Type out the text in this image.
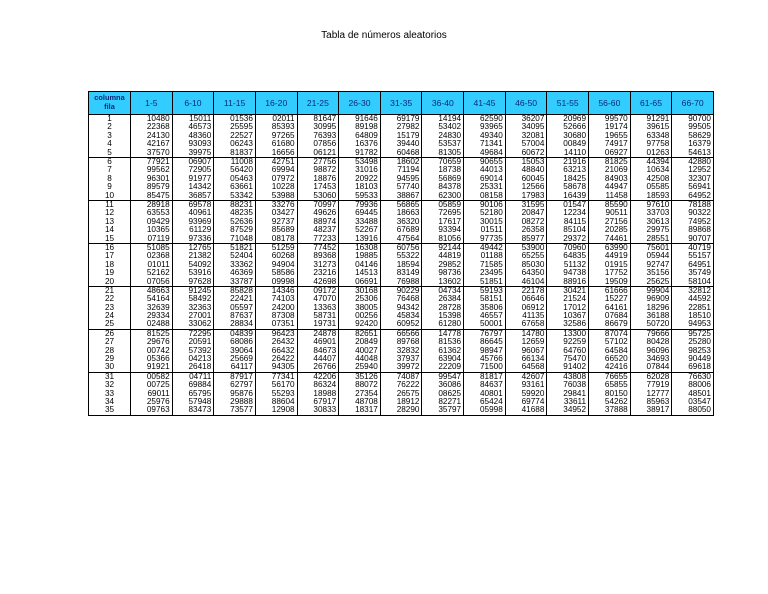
Tabla de números aleatorios
columna
fila	1-5	6-10	11-15	16-20	21-25	26-30	31-35	36-40	41-45	46-50	51-55	56-60	61-65	66-70
1	10480	15011	01536	02011	81647	91646	69179	14194	62590	36207	20969	99570	91291	90700
2	22368	46573	25595	85393	30995	89198	27982	53402	93965	34095	52666	19174	39615	99505
3	24130	48360	22527	97265	76393	64809	15179	24830	49340	32081	30680	19655	63348	58629
4	42167	93093	06243	61680	07856	16376	39440	53537	71341	57004	00849	74917	97758	16379
5	37570	39975	81837	16656	06121	91782	60468	81305	49684	60672	14110	06927	01263	54613
6	77921	06907	11008	42751	27756	53498	18602	70659	90655	15053	21916	81825	44394	42880
7	99562	72905	56420	69994	98872	31016	71194	18738	44013	48840	63213	21069	10634	12952
8	96301	91977	05463	07972	18876	20922	94595	56869	69014	60045	18425	84903	42508	32307
9	89579	14342	63661	10228	17453	18103	57740	84378	25331	12566	58678	44947	05585	56941
10	85475	36857	53342	53988	53060	59533	38867	62300	08158	17983	16439	11458	18593	64952
11	28918	69578	88231	33276	70997	79936	56865	05859	90106	31595	01547	85590	97610	78188
12	63553	40961	48235	03427	49626	69445	18663	72695	52180	20847	12234	90511	33703	90322
13	09429	93969	52636	92737	88974	33488	36320	17617	30015	08272	84115	27156	30613	74952
14	10365	61129	87529	85689	48237	52267	67689	93394	01511	26358	85104	20285	29975	89868
15	07119	97336	71048	08178	77233	13916	47564	81056	97735	85977	29372	74461	28551	90707
16	51085	12765	51821	51259	77452	16308	60756	92144	49442	53900	70960	63990	75601	40719
17	02368	21382	52404	60268	89368	19885	55322	44819	01188	65255	64835	44919	05944	55157
18	01011	54092	33362	94904	31273	04146	18594	29852	71585	85030	51132	01915	92747	64951
19	52162	53916	46369	58586	23216	14513	83149	98736	23495	64350	94738	17752	35156	35749
20	07056	97628	33787	09998	42698	06691	76988	13602	51851	46104	88916	19509	25625	58104
21	48663	91245	85828	14346	09172	30168	90229	04734	59193	22178	30421	61666	99904	32812
22	54164	58492	22421	74103	47070	25306	76468	26384	58151	06646	21524	15227	96909	44592
23	32639	32363	05597	24200	13363	38005	94342	28728	35806	06912	17012	64161	18296	22851
24	29334	27001	87637	87308	58731	00256	45834	15398	46557	41135	10367	07684	36188	18510
25	02488	33062	28834	07351	19731	92420	60952	61280	50001	67658	32586	86679	50720	94953
26	81525	72295	04839	96423	24878	82651	66566	14778	76797	14780	13300	87074	79666	95725
27	29676	20591	68086	26432	46901	20849	89768	81536	86645	12659	92259	57102	80428	25280
28	00742	57392	39064	66432	84673	40027	32832	61362	98947	96067	64760	64584	96096	98253
29	05366	04213	25669	26422	44407	44048	37937	63904	45766	66134	75470	66520	34693	90449
30	91921	26418	64117	94305	26766	25940	39972	22209	71500	64568	91402	42416	07844	69618
31	00582	04711	87917	77341	42206	35126	74087	99547	81817	42607	43808	76655	62028	76630
32	00725	69884	62797	56170	86324	88072	76222	36086	84637	93161	76038	65855	77919	88006
33	69011	65795	95876	55293	18988	27354	26575	08625	40801	59920	29841	80150	12777	48501
34	25976	57948	29888	88604	67917	48708	18912	82271	65424	69774	33611	54262	85963	03547
35	09763	83473	73577	12908	30833	18317	28290	35797	05998	41688	34952	37888	38917	88050
